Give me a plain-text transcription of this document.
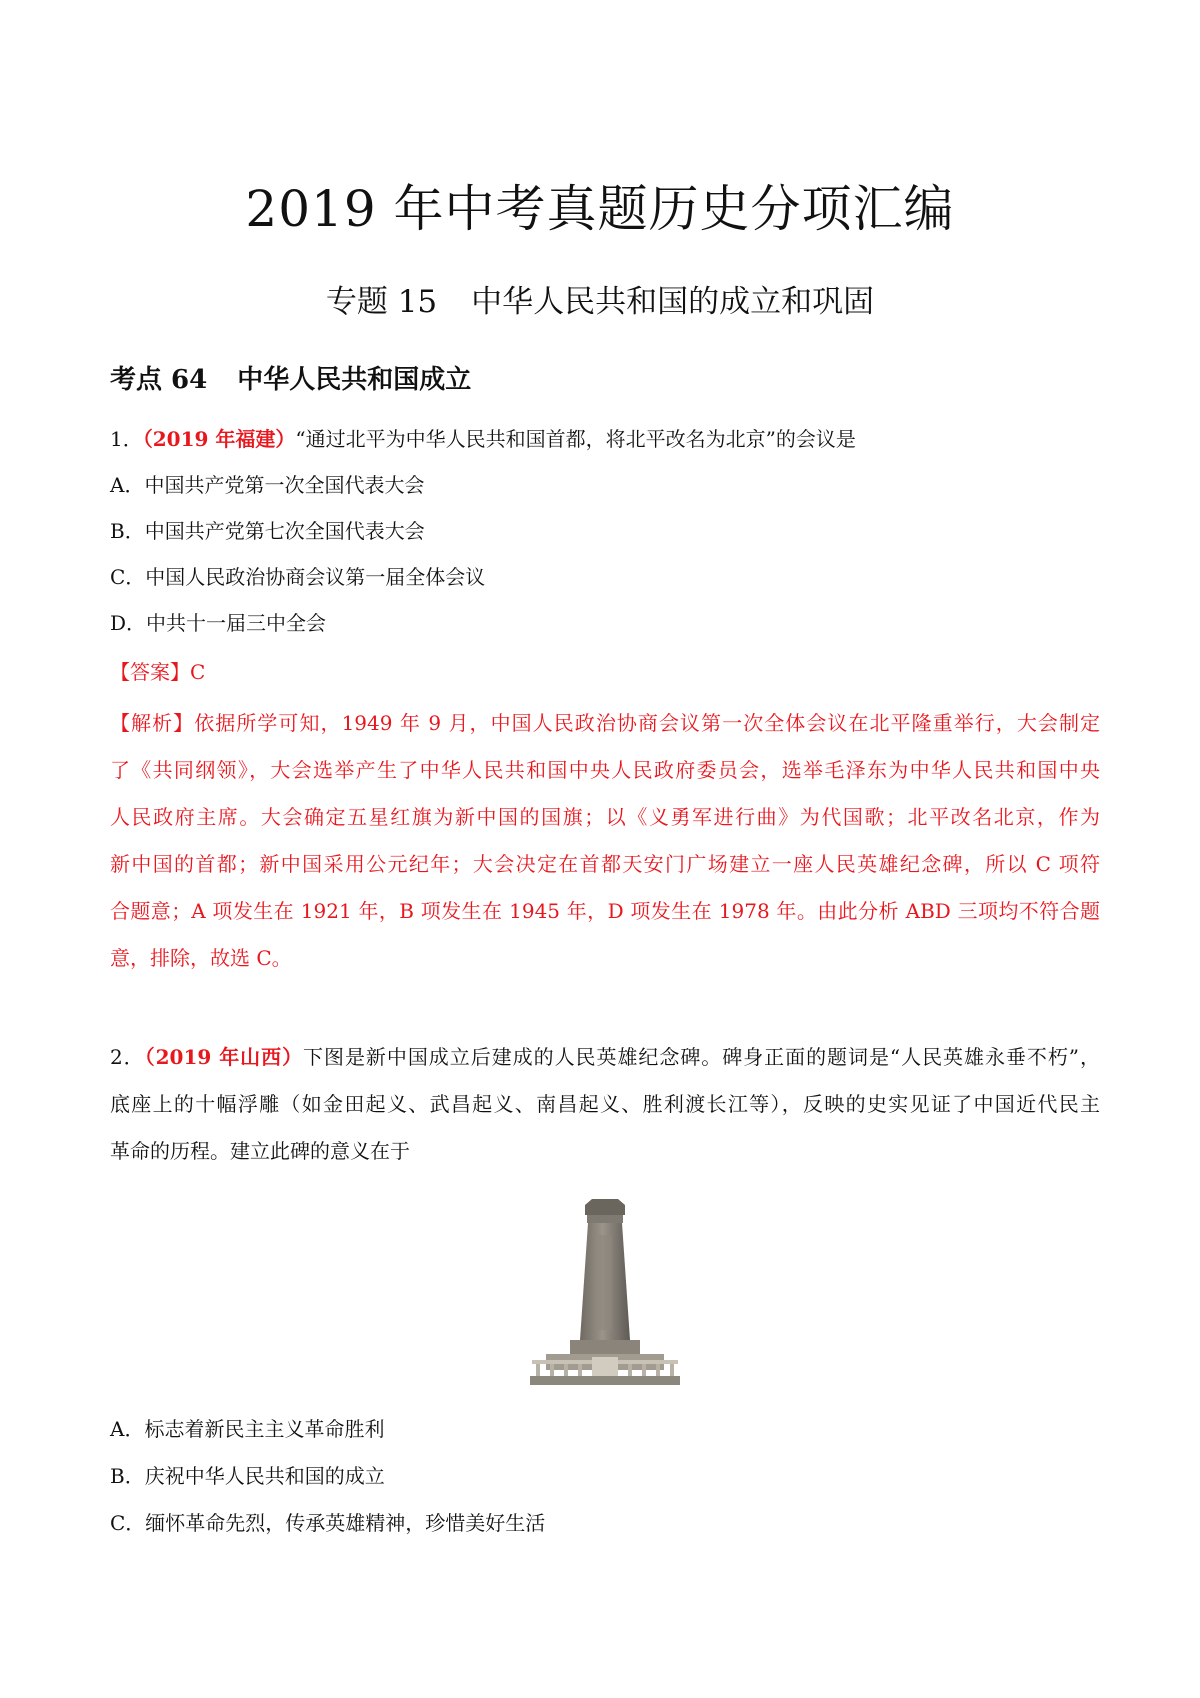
2019 年中考真题历史分项汇编
专题 15 中华人民共和国的成立和巩固
考点 64 中华人民共和国成立
1．（2019 年福建）“通过北平为中华人民共和国首都，将北平改名为北京”的会议是
A．中国共产党第一次全国代表大会
B．中国共产党第七次全国代表大会
C．中国人民政治协商会议第一届全体会议
D．中共十一届三中全会
【答案】C
【解析】依据所学可知，1949 年 9 月，中国人民政治协商会议第一次全体会议在北平隆重举行，大会制定
了《共同纲领》，大会选举产生了中华人民共和国中央人民政府委员会，选举毛泽东为中华人民共和国中央
人民政府主席。大会确定五星红旗为新中国的国旗；以《义勇军进行曲》为代国歌；北平改名北京，作为
新中国的首都；新中国采用公元纪年；大会决定在首都天安门广场建立一座人民英雄纪念碑，所以 C 项符
合题意；A 项发生在 1921 年，B 项发生在 1945 年，D 项发生在 1978 年。由此分析 ABD 三项均不符合题
意，排除，故选 C。
2．（2019 年山西）下图是新中国成立后建成的人民英雄纪念碑。碑身正面的题词是“人民英雄永垂不朽”，
底座上的十幅浮雕（如金田起义、武昌起义、南昌起义、胜利渡长江等），反映的史实见证了中国近代民主
革命的历程。建立此碑的意义在于
A．标志着新民主主义革命胜利
B．庆祝中华人民共和国的成立
C．缅怀革命先烈，传承英雄精神，珍惜美好生活
